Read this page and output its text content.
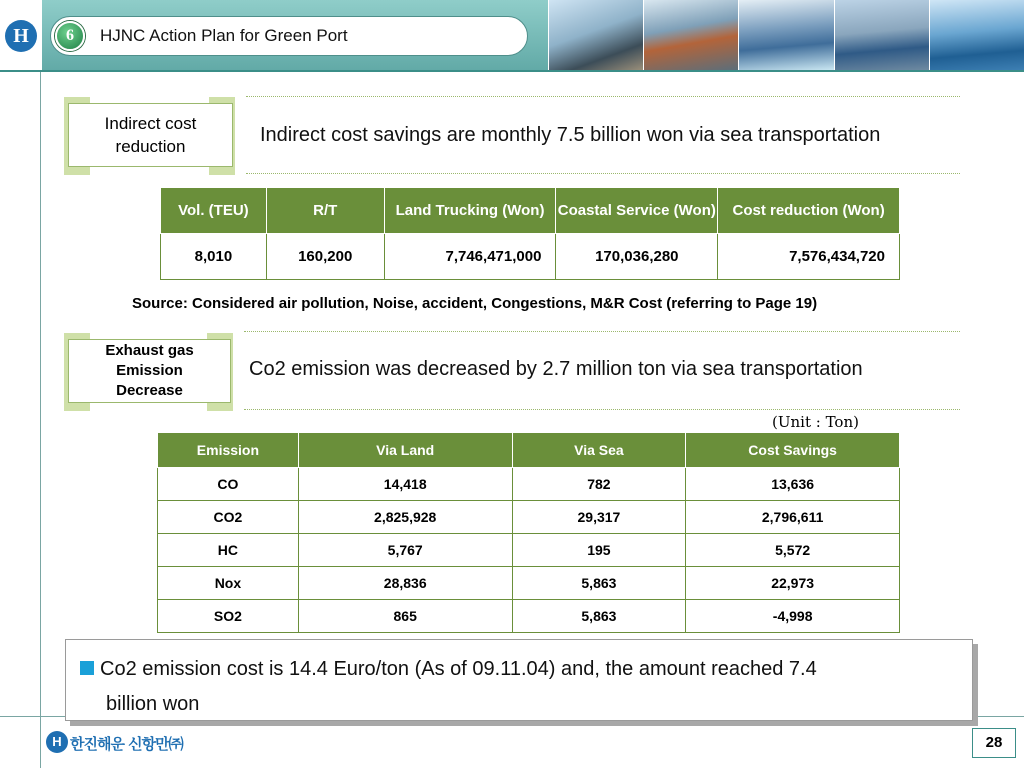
H	6	HJNC Action Plan for Green Port
Indirect cost reduction
Indirect cost savings are monthly 7.5 billion won via sea transportation
Vol. (TEU)	R/T	Land Trucking (Won)	Coastal Service (Won)	Cost reduction (Won)
8,010	160,200	7,746,471,000	170,036,280	7,576,434,720
Source: Considered air pollution, Noise, accident, Congestions, M&R Cost (referring to Page 19)
Exhaust gas Emission Decrease
Co2 emission was decreased by 2.7 million ton via sea transportation
(Unit : Ton)
Emission	Via Land	Via Sea	Cost Savings
CO	14,418	782	13,636
CO2	2,825,928	29,317	2,796,611
HC	5,767	195	5,572
Nox	28,836	5,863	22,973
SO2	865	5,863	-4,998
Co2 emission cost is 14.4 Euro/ton (As of 09.11.04) and, the amount reached 7.4
billion won
H 한진해운 신항만㈜	28
